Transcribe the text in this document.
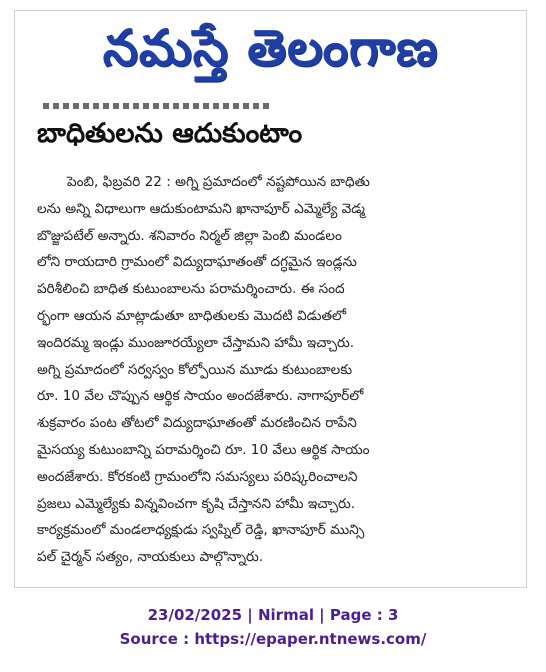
నమస్తే తెలంగాణ
బాధితులను ఆదుకుంటాం
పెంబి, ఫిబ్రవరి 22 : అగ్ని ప్రమాదంలో నష్టపోయిన బాధితు
లను అన్ని విధాలుగా ఆదుకుంటామని ఖానాపూర్ ఎమ్మెల్యే వెడ్మ
బొజ్జుపటేల్ అన్నారు. శనివారం నిర్మల్ జిల్లా పెంబి మండలం
లోని రాయదారి గ్రామంలో విద్యుదాఘాతంతో దగ్ధమైన ఇండ్లను
పరిశీలించి బాధిత కుటుంబాలను పరామర్శించారు. ఈ సంద
ర్భంగా ఆయన మాట్లాడుతూ బాధితులకు మొదటి విడుతలో
ఇందిరమ్మ ఇండ్లు ముంజూరయ్యేలా చేస్తామని హామీ ఇచ్చారు.
అగ్ని ప్రమాదంలో సర్వస్వం కోల్పోయిన మూడు కుటుంబాలకు
రూ. 10 వేల చొప్పున ఆర్థిక సాయం అందజేశారు. నాగాపూర్‌లో
శుక్రవారం పంట తోటలో విద్యుదాఘాతంతో మరణించిన రాపేని
మైసయ్య కుటుంబాన్ని పరామర్శించి రూ. 10 వేలు ఆర్థిక సాయం
అందజేశారు. కోరకంటి గ్రామంలోని సమస్యలు పరిష్కరించాలని
ప్రజలు ఎమ్మెల్యేకు విన్నవించగా కృషి చేస్తానని హామీ ఇచ్చారు.
కార్యక్రమంలో మండలాధ్యక్షుడు స్వప్నిల్ రెడ్డి, ఖానాపూర్ మున్సి
పల్ చైర్మన్ సత్యం, నాయకులు పాల్గొన్నారు.
23/02/2025 | Nirmal | Page : 3
Source : https://epaper.ntnews.com/
